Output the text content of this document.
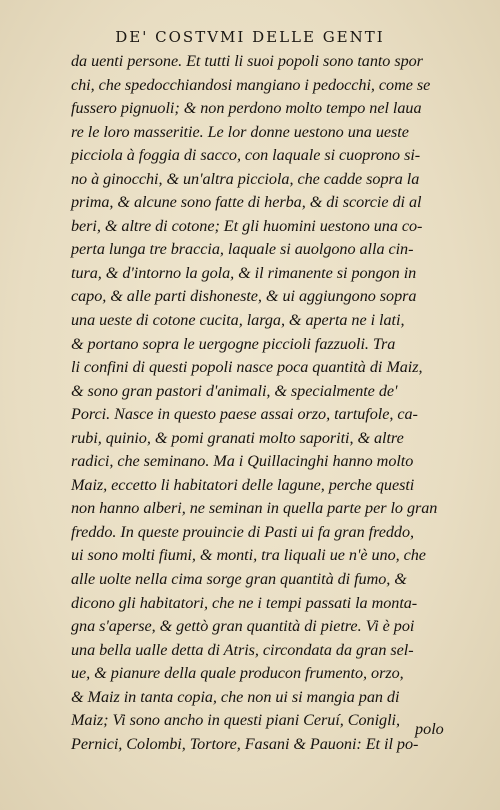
DE' COSTVMI DELLE GENTI
da uenti persone. Et tutti li suoi popoli sono tanto spor
chi, che spedocchiandosi mangiano i pedocchi, come se
fussero pignuoli; & non perdono molto tempo nel laua
re le loro masseritie. Le lor donne uestono una ueste
picciola à foggia di sacco, con laquale si cuoprono si-
no à ginocchi, & un'altra picciola, che cadde sopra la
prima, & alcune sono fatte di herba, & di scorcie di al
beri, & altre di cotone; Et gli huomini uestono una co-
perta lunga tre braccia, laquale si auolgono alla cin-
tura, & d'intorno la gola, & il rimanente si pongon in
capo, & alle parti dishoneste, & ui aggiungono sopra
una ueste di cotone cucita, larga, & aperta ne i lati,
& portano sopra le uergogne piccioli fazzuoli. Tra
li confini di questi popoli nasce poca quantità di Maiz,
& sono gran pastori d'animali, & specialmente de'
Porci. Nasce in questo paese assai orzo, tartufole, ca-
rubi, quinio, & pomi granati molto saporiti, & altre
radici, che seminano. Ma i Quillacinghi hanno molto
Maiz, eccetto li habitatori delle lagune, perche questi
non hanno alberi, ne seminan in quella parte per lo gran
freddo. In queste prouincie di Pasti ui fa gran freddo,
ui sono molti fiumi, & monti, tra liquali ue n'è uno, che
alle uolte nella cima sorge gran quantità di fumo, &
dicono gli habitatori, che ne i tempi passati la monta-
gna s'aperse, & gettò gran quantità di pietre. Vi è poi
una bella ualle detta di Atris, circondata da gran sel-
ue, & pianure della quale producon frumento, orzo,
& Maiz in tanta copia, che non ui si mangia pan di
Maiz; Vi sono ancho in questi piani Ceruí, Conigli,
Pernici, Colombi, Tortore, Fasani & Pauoni: Et il po-
polo
